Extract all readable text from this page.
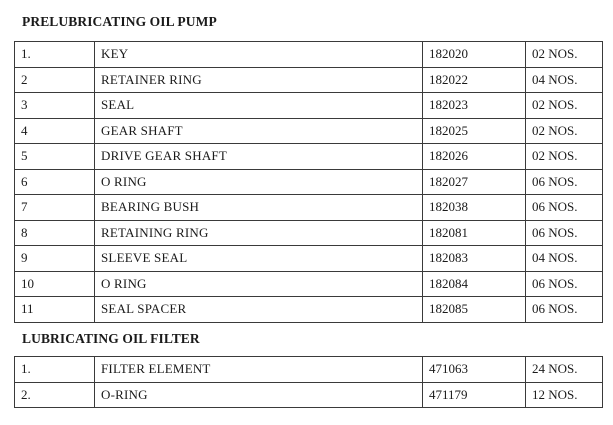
PRELUBRICATING OIL PUMP
1.	KEY	182020	02 NOS.
2	RETAINER RING	182022	04 NOS.
3	SEAL	182023	02 NOS.
4	GEAR SHAFT	182025	02 NOS.
5	DRIVE GEAR SHAFT	182026	02 NOS.
6	O RING	182027	06 NOS.
7	BEARING BUSH	182038	06 NOS.
8	RETAINING RING	182081	06 NOS.
9	SLEEVE SEAL	182083	04 NOS.
10	O RING	182084	06 NOS.
11	SEAL SPACER	182085	06 NOS.
LUBRICATING OIL FILTER
1.	FILTER ELEMENT	471063	24 NOS.
2.	O-RING	471179	12 NOS.
